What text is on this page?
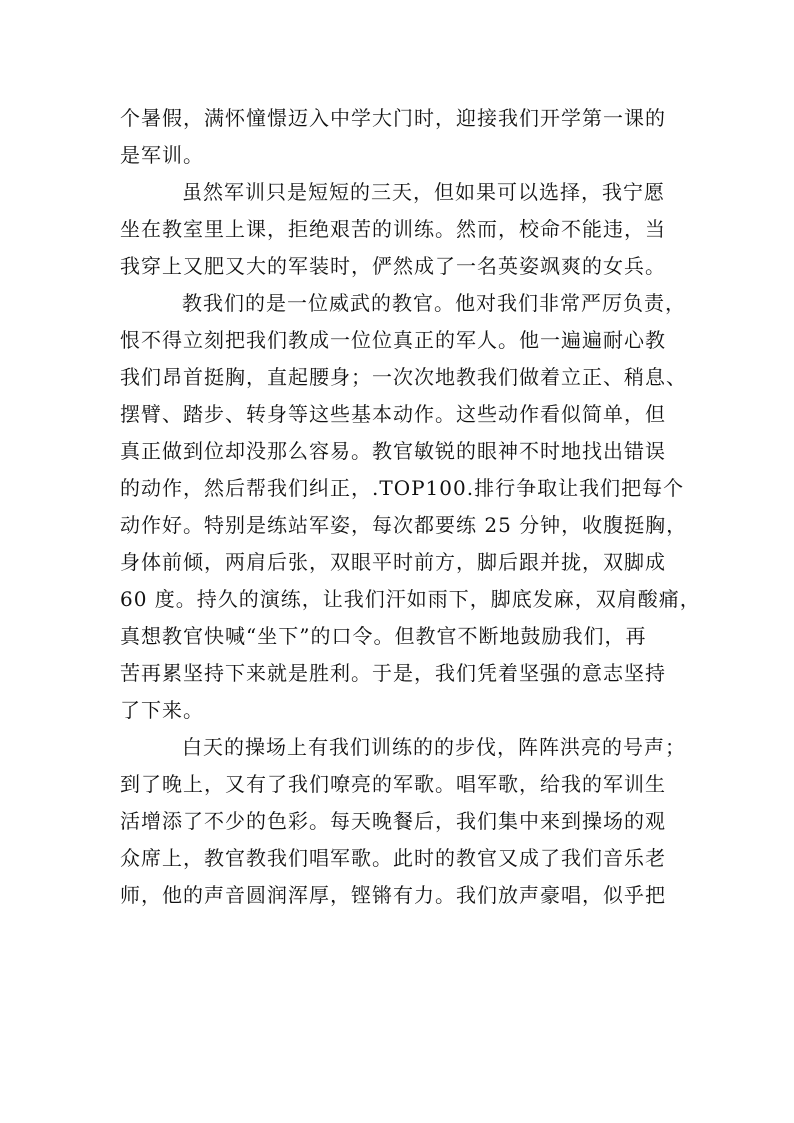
个暑假，满怀憧憬迈入中学大门时，迎接我们开学第一课的
是军训。
虽然军训只是短短的三天，但如果可以选择，我宁愿
坐在教室里上课，拒绝艰苦的训练。然而，校命不能违，当
我穿上又肥又大的军装时，俨然成了一名英姿飒爽的女兵。
教我们的是一位威武的教官。他对我们非常严厉负责，
恨不得立刻把我们教成一位位真正的军人。他一遍遍耐心教
我们昂首挺胸，直起腰身；一次次地教我们做着立正、稍息、
摆臂、踏步、转身等这些基本动作。这些动作看似简单，但
真正做到位却没那么容易。教官敏锐的眼神不时地找出错误
的动作，然后帮我们纠正，.TOP100.排行争取让我们把每个
动作好。特别是练站军姿，每次都要练 25 分钟，收腹挺胸，
身体前倾，两肩后张，双眼平时前方，脚后跟并拢，双脚成
60 度。持久的演练，让我们汗如雨下，脚底发麻，双肩酸痛，
真想教官快喊“坐下”的口令。但教官不断地鼓励我们，再
苦再累坚持下来就是胜利。于是，我们凭着坚强的意志坚持
了下来。
白天的操场上有我们训练的的步伐，阵阵洪亮的号声；
到了晚上，又有了我们嘹亮的军歌。唱军歌，给我的军训生
活增添了不少的色彩。每天晚餐后，我们集中来到操场的观
众席上，教官教我们唱军歌。此时的教官又成了我们音乐老
师，他的声音圆润浑厚，铿锵有力。我们放声豪唱，似乎把
